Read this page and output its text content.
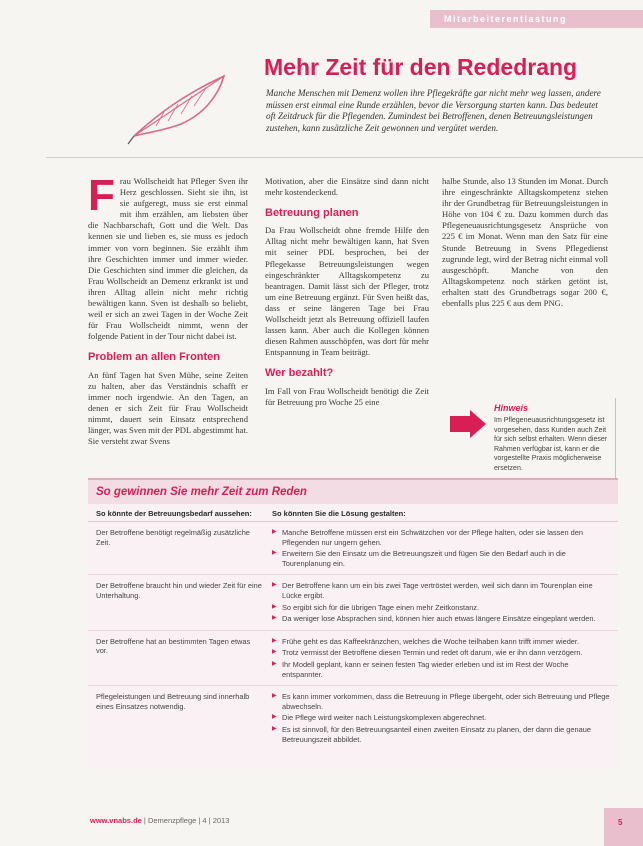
Mitarbeiterentlastung
Mehr Zeit für den Rededrang
Manche Menschen mit Demenz wollen ihre Pflegekräfte gar nicht mehr weg lassen, andere müssen erst einmal eine Runde erzählen, bevor die Versorgung starten kann. Das bedeutet oft Zeitdruck für die Pflegenden. Zumindest bei Betroffenen, denen Betreuungsleistungen zustehen, kann zusätzliche Zeit gewonnen und vergütet werden.
F rau Wollscheidt hat Pfleger Sven ihr Herz geschlossen. Sieht sie ihn, ist sie aufgeregt, muss sie erst einmal mit ihm erzählen, am liebsten über die Nachbarschaft, Gott und die Welt. Das kennen sie und lieben es, sie muss es jedoch immer von vorn beginnen. Sie erzählt ihm ihre Geschichten immer und immer wieder. Die Geschichten sind immer die gleichen, da Frau Wollscheidt an Demenz erkrankt ist und ihren Alltag allein nicht mehr richtig bewältigen kann. Sven ist deshalb so beliebt, weil er sich an zwei Tagen in der Woche Zeit für Frau Wollscheidt nimmt, wenn der folgende Patient in der Tour nicht dabei ist.

Problem an allen Fronten

An fünf Tagen hat Sven Mühe, seine Zeiten zu halten, aber das Verständnis schafft er immer noch irgendwie. An den Tagen, an denen er sich Zeit für Frau Wollscheidt nimmt, dauert sein Einsatz entsprechend länger, was Sven mit der PDL abgestimmt hat. Sie versteht zwar Svens

Motivation, aber die Einsätze sind dann nicht mehr kostendeckend.

Betreuung planen

Da Frau Wollscheidt ohne fremde Hilfe den Alltag nicht mehr bewältigen kann, hat Sven mit seiner PDL besprochen, bei der Pflegekasse Betreuungsleistungen wegen eingeschränkter Alltagskompetenz zu beantragen. Damit lässt sich der Pfleger, trotz um eine Betreuung ergänzt. Für Sven heißt das, dass er seine längeren Tage bei Frau Wollscheidt jetzt als Betreuung offiziell laufen lassen kann. Aber auch die Kollegen können diesen Rahmen ausschöpfen, was dort für mehr Entspannung in Team beiträgt.

Wer bezahlt?

Im Fall von Frau Wollscheidt benötigt die Zeit für Betreuung pro Woche 25 eine

halbe Stunde, also 13 Stunden im Monat. Durch ihre eingeschränkte Alltagskompetenz stehen ihr der Grundbetrag für Betreuungsleistungen in Höhe von 104 € zu. Dazu kommen durch das Pflegeneuausrichtungsgesetz Ansprüche von 225 € im Monat. Wenn man den Satz für eine Stunde Betreuung in Svens Pflegedienst zugrunde legt, wird der Betrag nicht einmal voll ausgeschöpft. Manche von den Alltagskompetenz noch stärken getönt ist, erhalten statt des Grundbetrags sogar 200 €, ebenfalls plus 225 € aus dem PNG.

Hinweis
Im Pflegeneuausrichtungsgesetz ist vorgesehen, dass Kunden auch Zeit für sich selbst erhalten. Wenn dieser Rahmen verfügbar ist, kann er die vorgestellte Praxis möglicherweise ersetzen.
So gewinnen Sie mehr Zeit zum Reden
So könnte der Betreuungsbedarf aussehen:	So könnten Sie die Lösung gestalten:
Der Betroffene benötigt regelmäßig zusätzliche Zeit.
▶ Manche Betroffene müssen erst ein Schwätzchen vor der Pflege halten, oder sie lassen den Pflegenden nur ungern gehen.
▶ Erweitern Sie den Einsatz um die Betreuungszeit und fügen Sie den Bedarf auch in die Tourenplanung ein.
Der Betroffene braucht hin und wieder Zeit für eine Unterhaltung.
▶ Der Betroffene kann um ein bis zwei Tage vertröstet werden, weil sich dann im Tourenplan eine Lücke ergibt.
▶ So ergibt sich für die übrigen Tage einen mehr Zeitkonstanz.
▶ Da weniger lose Absprachen sind, können hier auch etwas längere Einsätze eingeplant werden.
Der Betroffene hat an bestimmten Tagen etwas vor.
▶ Frühe geht es das Kaffeekränzchen, welches die Woche teilhaben kann trifft immer wieder.
▶ Trotz vermisst der Betroffene diesen Termin und redet oft darum, wie er ihn dann verzögern.
▶ Ihr Modell geplant, kann er seinen festen Tag wieder erleben und ist im Rest der Woche entspannter.
Pflegeleistungen und Betreuung sind innerhalb eines Einsatzes notwendig.
▶ Es kann immer vorkommen, dass die Betreuung in Pflege übergeht, oder sich Betreuung und Pflege abwechseln.
▶ Die Pflege wird weiter nach Leistungskomplexen abgerechnet.
▶ Es ist sinnvoll, für den Betreuungsanteil einen zweiten Einsatz zu planen, der dann die genaue Betreuungszeit abbildet.
www.vnabs.de | Demenzpflege | 4 | 2013	5
